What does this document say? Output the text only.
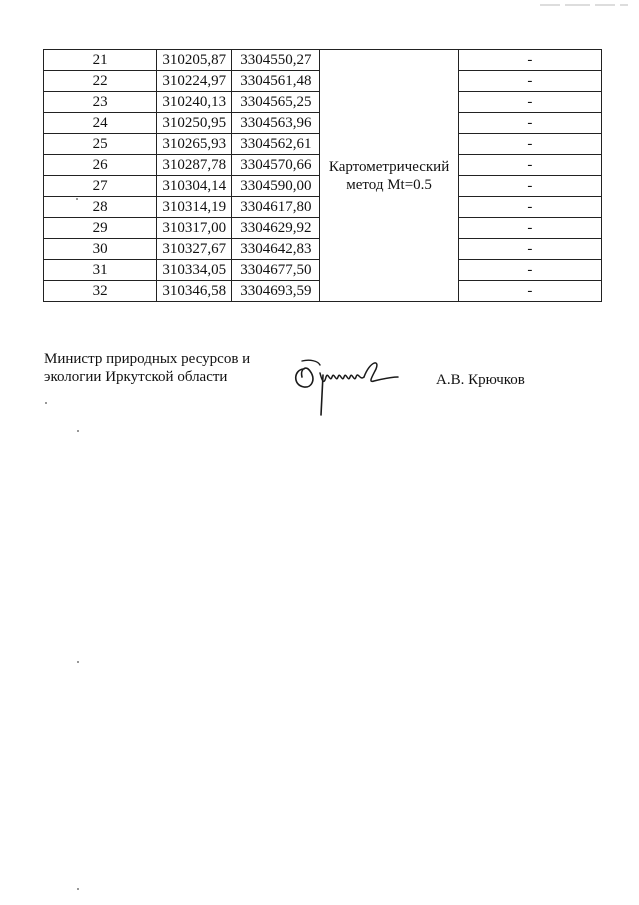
21	310205,87	3304550,27	Картометрический метод Mt=0.5	-
22	310224,97	3304561,48		-
23	310240,13	3304565,25		-
24	310250,95	3304563,96		-
25	310265,93	3304562,61		-
26	310287,78	3304570,66		-
27	310304,14	3304590,00		-
28	310314,19	3304617,80		-
29	310317,00	3304629,92		-
30	310327,67	3304642,83		-
31	310334,05	3304677,50		-
32	310346,58	3304693,59		-
Министр природных ресурсов и
экологии Иркутской области	А.В. Крючков
